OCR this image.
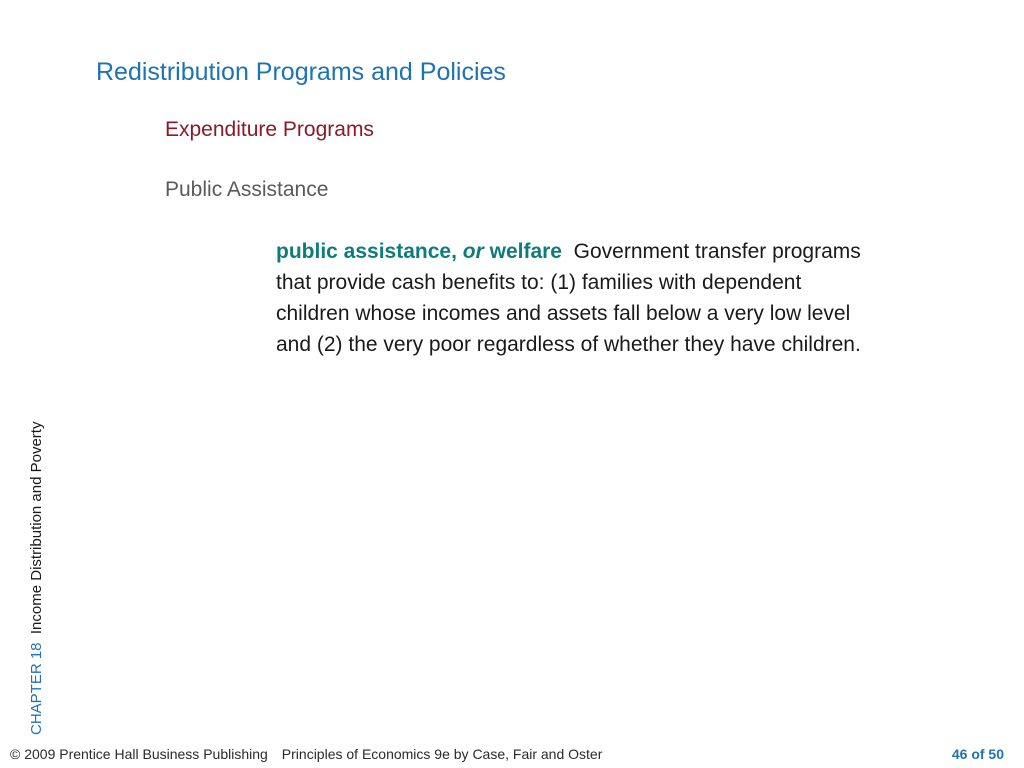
Redistribution Programs and Policies
Expenditure Programs
Public Assistance
public assistance, or welfare Government transfer programs that provide cash benefits to: (1) families with dependent children whose incomes and assets fall below a very low level and (2) the very poor regardless of whether they have children.
CHAPTER 18  Income Distribution and Poverty
© 2009 Prentice Hall Business Publishing Principles of Economics 9e by Case, Fair and Oster	46 of 50
